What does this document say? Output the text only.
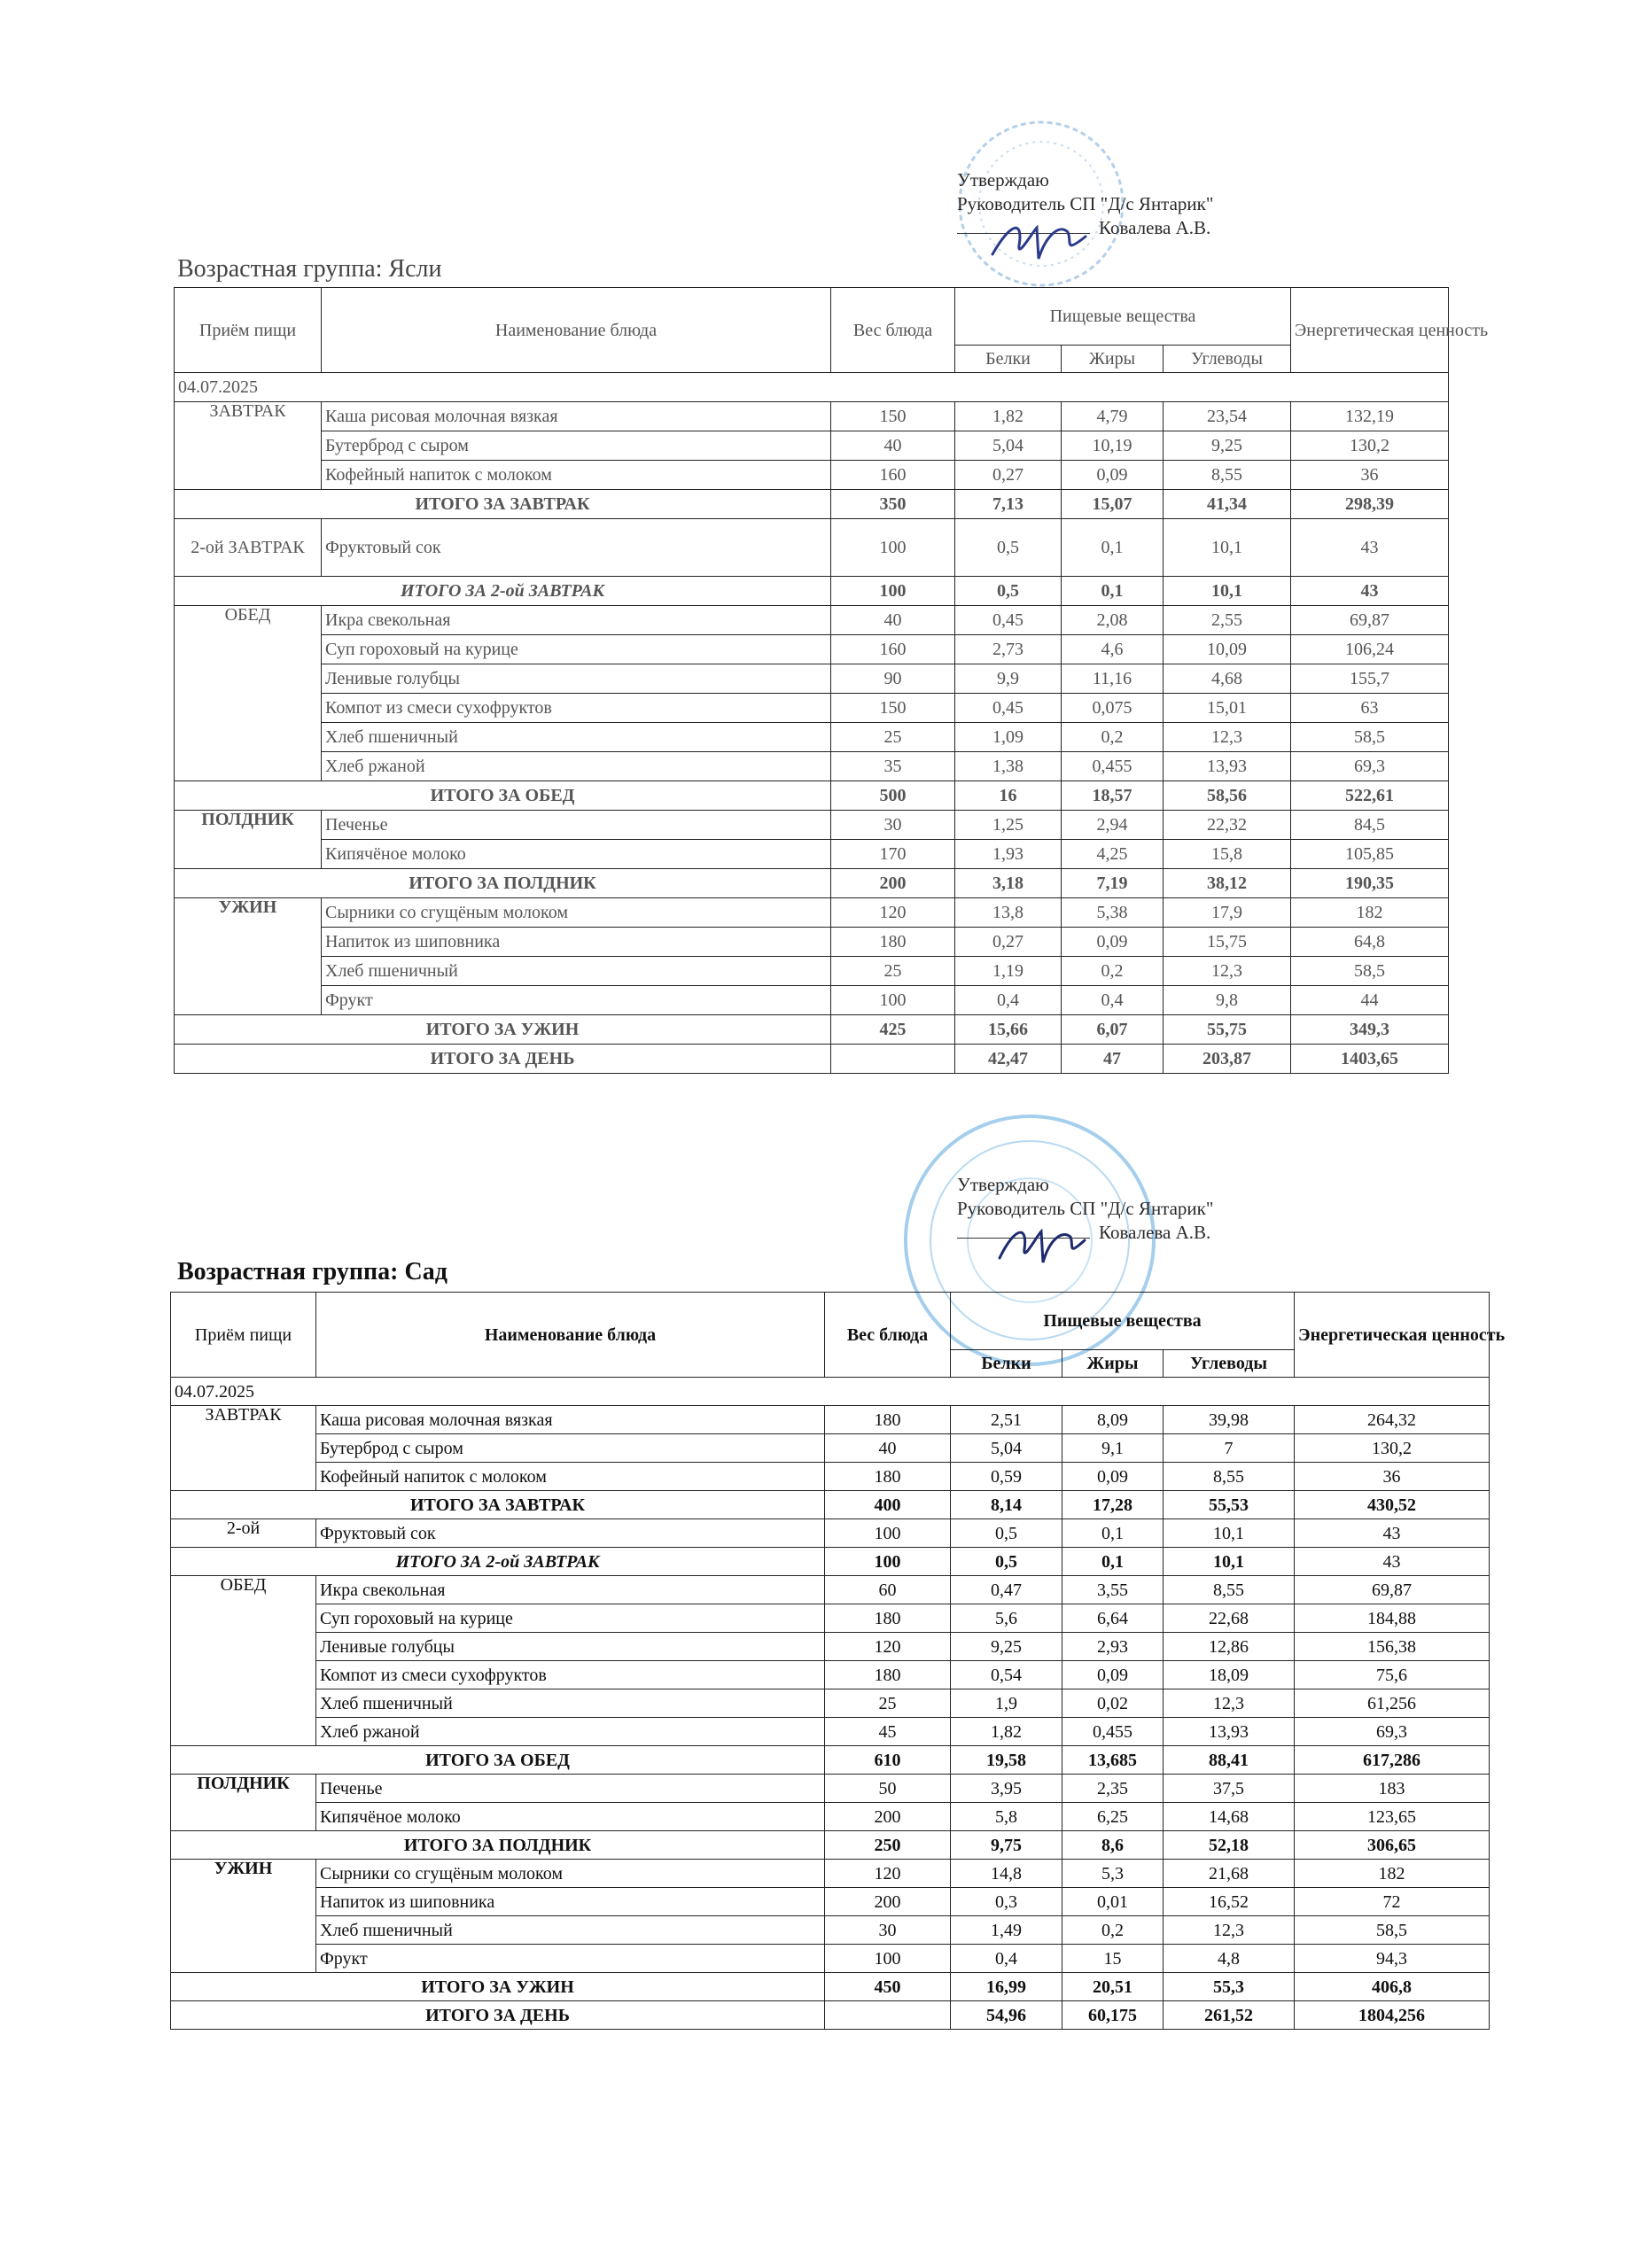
Утверждаю
Руководитель СП "Д/с Янтарик"
Ковалева А.В.
Возрастная группа: Ясли
Приём пищи	Наименование блюда	Вес блюда	Пищевые вещества			Энергетическая ценность
			Белки	Жиры	Углеводы	
04.07.2025						
ЗАВТРАК	Каша рисовая молочная вязкая	150	1,82	4,79	23,54	132,19
	Бутерброд с сыром	40	5,04	10,19	9,25	130,2
	Кофейный напиток с молоком	160	0,27	0,09	8,55	36
ИТОГО ЗА ЗАВТРАК		350	7,13	15,07	41,34	298,39
2-ой ЗАВТРАК	Фруктовый сок	100	0,5	0,1	10,1	43
ИТОГО ЗА 2-ой ЗАВТРАК		100	0,5	0,1	10,1	43
ОБЕД	Икра свекольная	40	0,45	2,08	2,55	69,87
	Суп гороховый на курице	160	2,73	4,6	10,09	106,24
	Ленивые голубцы	90	9,9	11,16	4,68	155,7
	Компот из смеси сухофруктов	150	0,45	0,075	15,01	63
	Хлеб пшеничный	25	1,09	0,2	12,3	58,5
	Хлеб ржаной	35	1,38	0,455	13,93	69,3
ИТОГО ЗА ОБЕД		500	16	18,57	58,56	522,61
ПОЛДНИК	Печенье	30	1,25	2,94	22,32	84,5
	Кипячёное молоко	170	1,93	4,25	15,8	105,85
ИТОГО ЗА ПОЛДНИК		200	3,18	7,19	38,12	190,35
УЖИН	Сырники со сгущёным молоком	120	13,8	5,38	17,9	182
	Напиток из шиповника	180	0,27	0,09	15,75	64,8
	Хлеб пшеничный	25	1,19	0,2	12,3	58,5
	Фрукт	100	0,4	0,4	9,8	44
ИТОГО ЗА УЖИН		425	15,66	6,07	55,75	349,3
ИТОГО ЗА ДЕНЬ			42,47	47	203,87	1403,65
Утверждаю
Руководитель СП "Д/с Янтарик"
Ковалева А.В.
Возрастная группа: Сад
Приём пищи	Наименование блюда	Вес блюда	Пищевые вещества			Энергетическая ценность
			Белки	Жиры	Углеводы	
04.07.2025						
ЗАВТРАК	Каша рисовая молочная вязкая	180	2,51	8,09	39,98	264,32
	Бутерброд с сыром	40	5,04	9,1	7	130,2
	Кофейный напиток с молоком	180	0,59	0,09	8,55	36
ИТОГО ЗА ЗАВТРАК		400	8,14	17,28	55,53	430,52
2-ой	Фруктовый сок	100	0,5	0,1	10,1	43
ИТОГО ЗА 2-ой ЗАВТРАК		100	0,5	0,1	10,1	43
ОБЕД	Икра свекольная	60	0,47	3,55	8,55	69,87
	Суп гороховый на курице	180	5,6	6,64	22,68	184,88
	Ленивые голубцы	120	9,25	2,93	12,86	156,38
	Компот из смеси сухофруктов	180	0,54	0,09	18,09	75,6
	Хлеб пшеничный	25	1,9	0,02	12,3	61,256
	Хлеб ржаной	45	1,82	0,455	13,93	69,3
ИТОГО ЗА ОБЕД		610	19,58	13,685	88,41	617,286
ПОЛДНИК	Печенье	50	3,95	2,35	37,5	183
	Кипячёное молоко	200	5,8	6,25	14,68	123,65
ИТОГО ЗА ПОЛДНИК		250	9,75	8,6	52,18	306,65
УЖИН	Сырники со сгущёным молоком	120	14,8	5,3	21,68	182
	Напиток из шиповника	200	0,3	0,01	16,52	72
	Хлеб пшеничный	30	1,49	0,2	12,3	58,5
	Фрукт	100	0,4	15	4,8	94,3
ИТОГО ЗА УЖИН		450	16,99	20,51	55,3	406,8
ИТОГО ЗА ДЕНЬ			54,96	60,175	261,52	1804,256
